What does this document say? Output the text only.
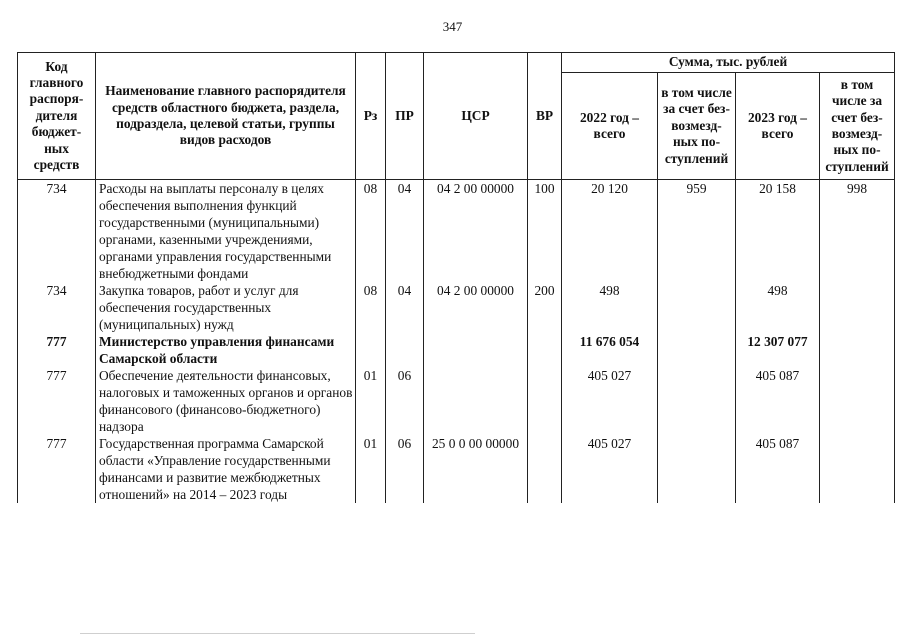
347
Код главного распоря-дителя бюджет-ных средств	Наименование главного распорядителя средств областного бюджета, раздела, подраздела, целевой статьи, группы видов расходов	Рз	ПР	ЦСР	ВР	Сумма, тыс. рублей			
						2022 год – всего	в том числе за счет без-возмезд-ных по-ступлений	2023 год – всего	в том числе за счет без-возмезд-ных по-ступлений
734	Расходы на выплаты персоналу в целях обеспечения выполнения функций государственными (муниципальными) органами, казенными учреждениями, органами управления государственными внебюджетными фондами	08	04	04 2 00 00000	100	20 120	959	20 158	998
734	Закупка товаров, работ и услуг для обеспечения государственных (муниципальных) нужд	08	04	04 2 00 00000	200	498		498	
777	Министерство управления финансами Самарской области					11 676 054		12 307 077	
777	Обеспечение деятельности финансовых, налоговых и таможенных органов и органов финансового (финансово-бюджетного) надзора	01	06			405 027		405 087	
777	Государственная программа Самарской области «Управление государственными финансами и развитие межбюджетных отношений» на 2014 – 2023 годы	01	06	25 0 0 00 00000		405 027		405 087	
